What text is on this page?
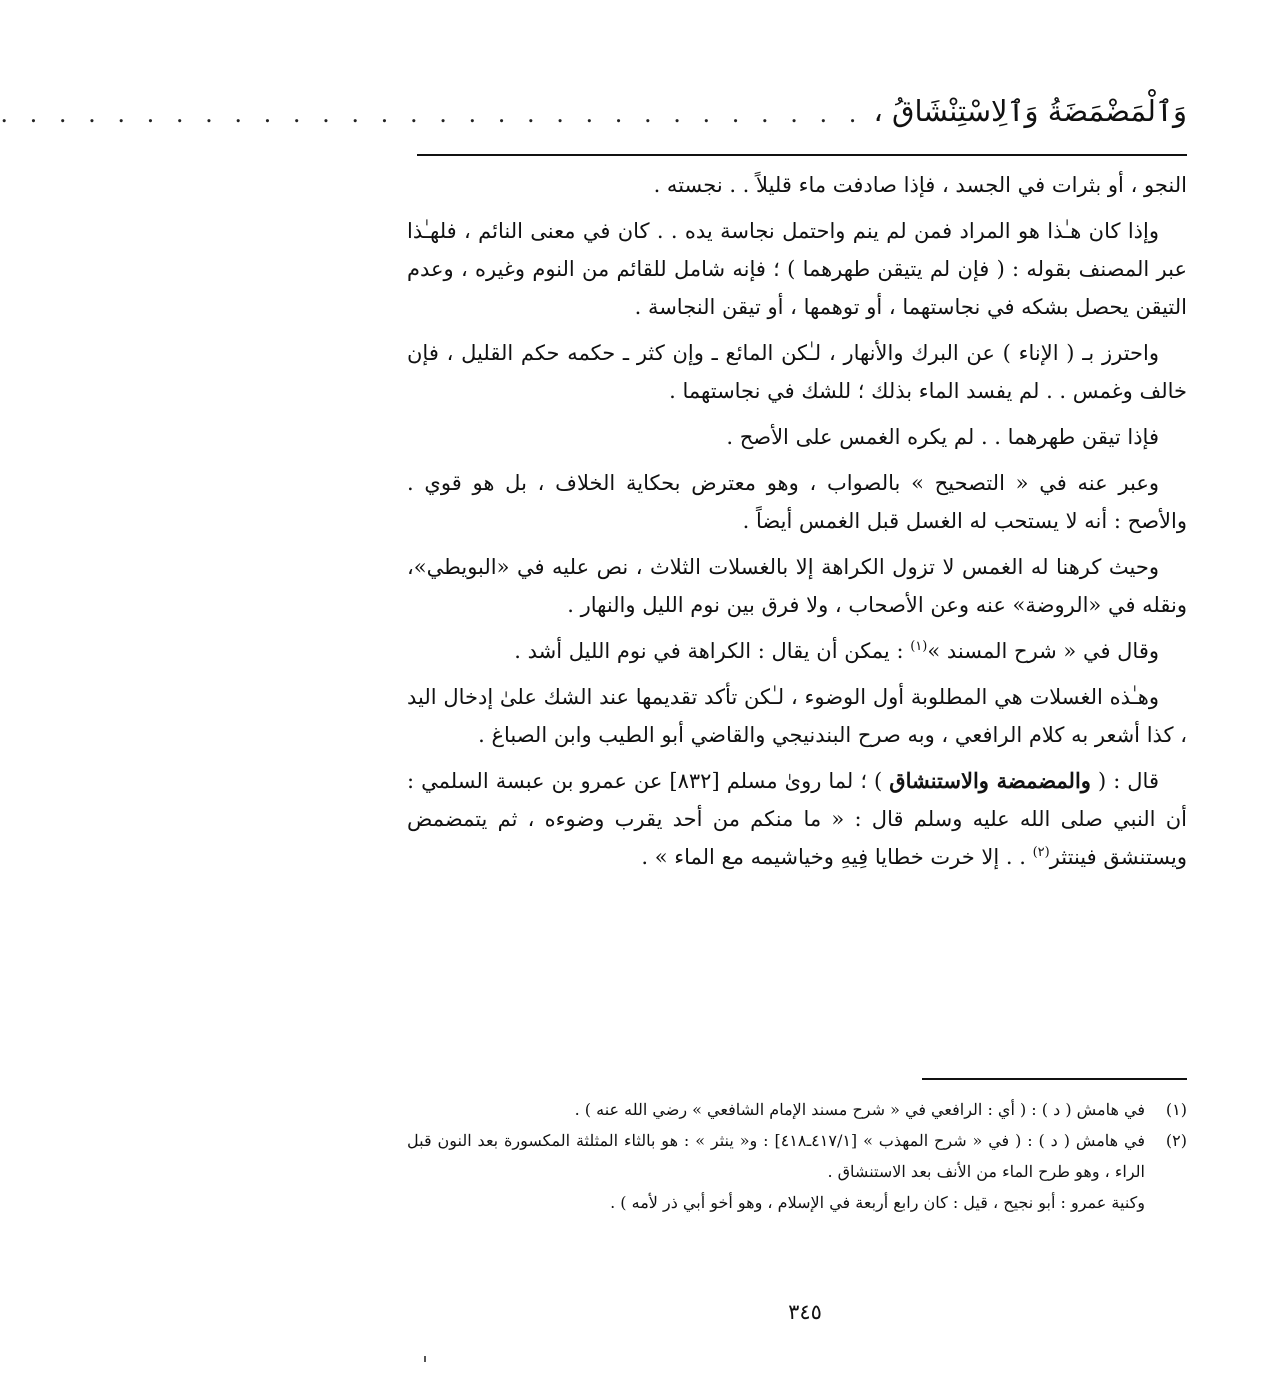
وَٱلْمَضْمَضَةُ وَٱلِاسْتِنْشَاقُ ،
. . . . . . . . . . . . . . . . . . . . . . . . . . . . . .

النجو ، أو بثرات في الجسد ، فإذا صادفت ماء قليلاً . . نجسته .

وإذا كان هـٰذا هو المراد فمن لم ينم واحتمل نجاسة يده . . كان في معنى النائم ، فلهـٰذا عبر المصنف بقوله : ( فإن لم يتيقن طهرهما ) ؛ فإنه شامل للقائم من النوم وغيره ، وعدم التيقن يحصل بشكه في نجاستهما ، أو توهمها ، أو تيقن النجاسة .

واحترز بـ ( الإناء ) عن البرك والأنهار ، لـٰكن المائع ـ وإن كثر ـ حكمه حكم القليل ، فإن خالف وغمس . . لم يفسد الماء بذلك ؛ للشك في نجاستهما .

فإذا تيقن طهرهما . . لم يكره الغمس على الأصح .

وعبر عنه في « التصحيح » بالصواب ، وهو معترض بحكاية الخلاف ، بل هو قوي . والأصح : أنه لا يستحب له الغسل قبل الغمس أيضاً .

وحيث كرهنا له الغمس لا تزول الكراهة إلا بالغسلات الثلاث ، نص عليه في «البويطي»، ونقله في «الروضة» عنه وعن الأصحاب ، ولا فرق بين نوم الليل والنهار .

وقال في « شرح المسند »$^{(١)}$ : يمكن أن يقال : الكراهة في نوم الليل أشد .

وهـٰذه الغسلات هي المطلوبة أول الوضوء ، لـٰكن تأكد تقديمها عند الشك علىٰ إدخال اليد ، كذا أشعر به كلام الرافعي ، وبه صرح البندنيجي والقاضي أبو الطيب وابن الصباغ .

قال : ( والمضمضة والاستنشاق ) ؛ لما روىٰ مسلم [٨٣٢] عن عمرو بن عبسة السلمي : أن النبي صلى الله عليه وسلم قال : « ما منكم من أحد يقرب وضوءه ، ثم يتمضمض ويستنشق فينتثر$^{(٢)}$ . . إلا خرت خطايا فِيهِ وخياشيمه مع الماء » .

(١)
في هامش ( د ) : ( أي : الرافعي في « شرح مسند الإمام الشافعي » رضي الله عنه ) .
(٢)
في هامش ( د ) : ( في « شرح المهذب » [٤١٧/١ـ٤١٨] : و« ينثر » : هو بالثاء المثلثة المكسورة بعد النون قبل الراء ، وهو طرح الماء من الأنف بعد الاستنشاق .

وكنية عمرو : أبو نجيح ، قيل : كان رابع أربعة في الإسلام ، وهو أخو أبي ذر لأمه ) .

٣٤٥
